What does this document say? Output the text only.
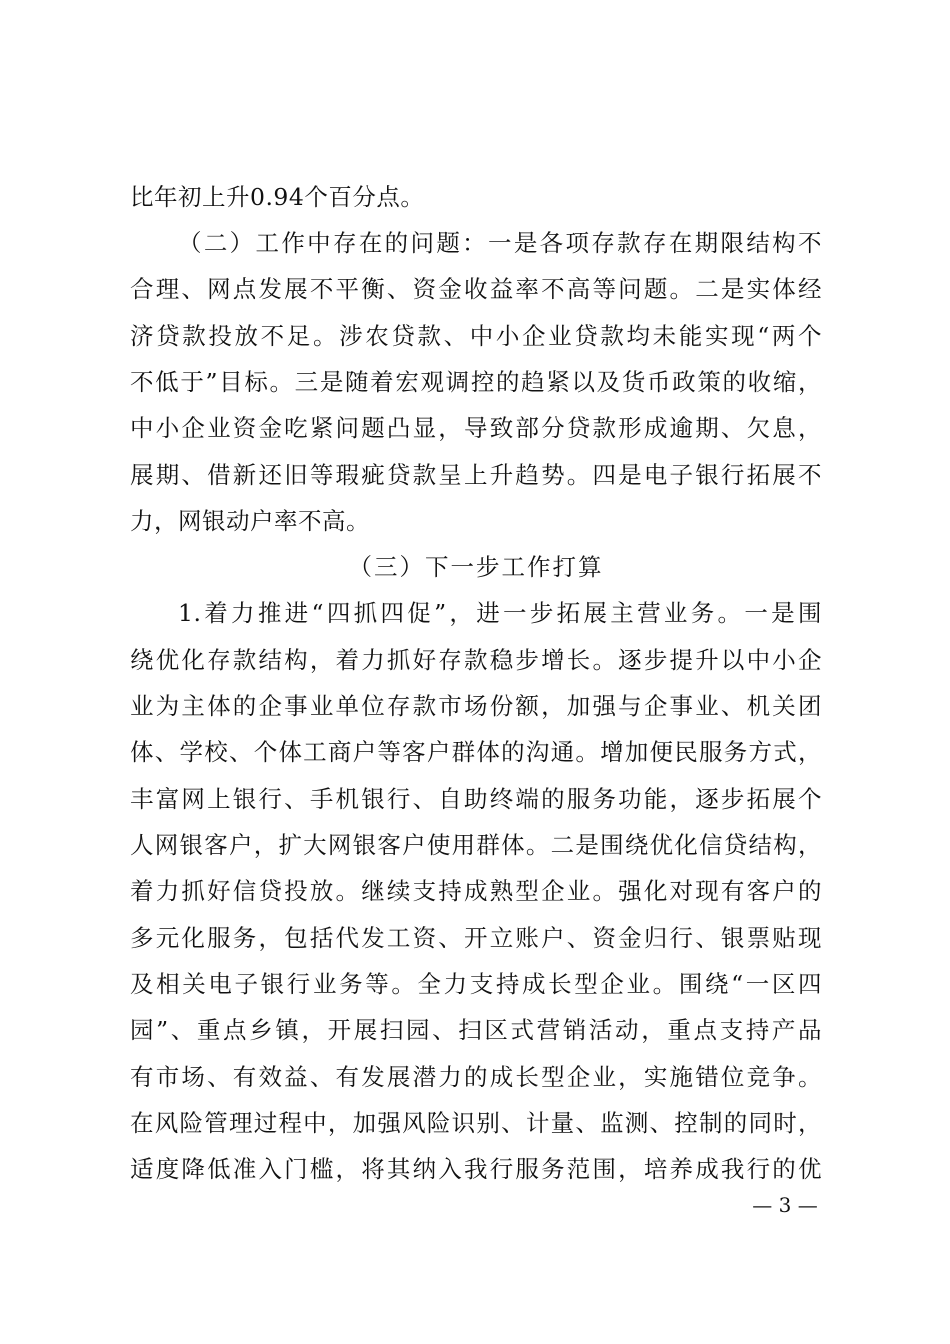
比年初上升0.94个百分点。
（二）工作中存在的问题：一是各项存款存在期限结构不
合理、网点发展不平衡、资金收益率不高等问题。二是实体经
济贷款投放不足。涉农贷款、中小企业贷款均未能实现“两个
不低于”目标。三是随着宏观调控的趋紧以及货币政策的收缩，
中小企业资金吃紧问题凸显，导致部分贷款形成逾期、欠息，
展期、借新还旧等瑕疵贷款呈上升趋势。四是电子银行拓展不
力，网银动户率不高。
（三）下一步工作打算
1.着力推进“四抓四促”，进一步拓展主营业务。一是围
绕优化存款结构，着力抓好存款稳步增长。逐步提升以中小企
业为主体的企事业单位存款市场份额，加强与企事业、机关团
体、学校、个体工商户等客户群体的沟通。增加便民服务方式，
丰富网上银行、手机银行、自助终端的服务功能，逐步拓展个
人网银客户，扩大网银客户使用群体。二是围绕优化信贷结构，
着力抓好信贷投放。继续支持成熟型企业。强化对现有客户的
多元化服务，包括代发工资、开立账户、资金归行、银票贴现
及相关电子银行业务等。全力支持成长型企业。围绕“一区四
园”、重点乡镇，开展扫园、扫区式营销活动，重点支持产品
有市场、有效益、有发展潜力的成长型企业，实施错位竞争。
在风险管理过程中，加强风险识别、计量、监测、控制的同时，
适度降低准入门槛，将其纳入我行服务范围，培养成我行的优
— 3 —
